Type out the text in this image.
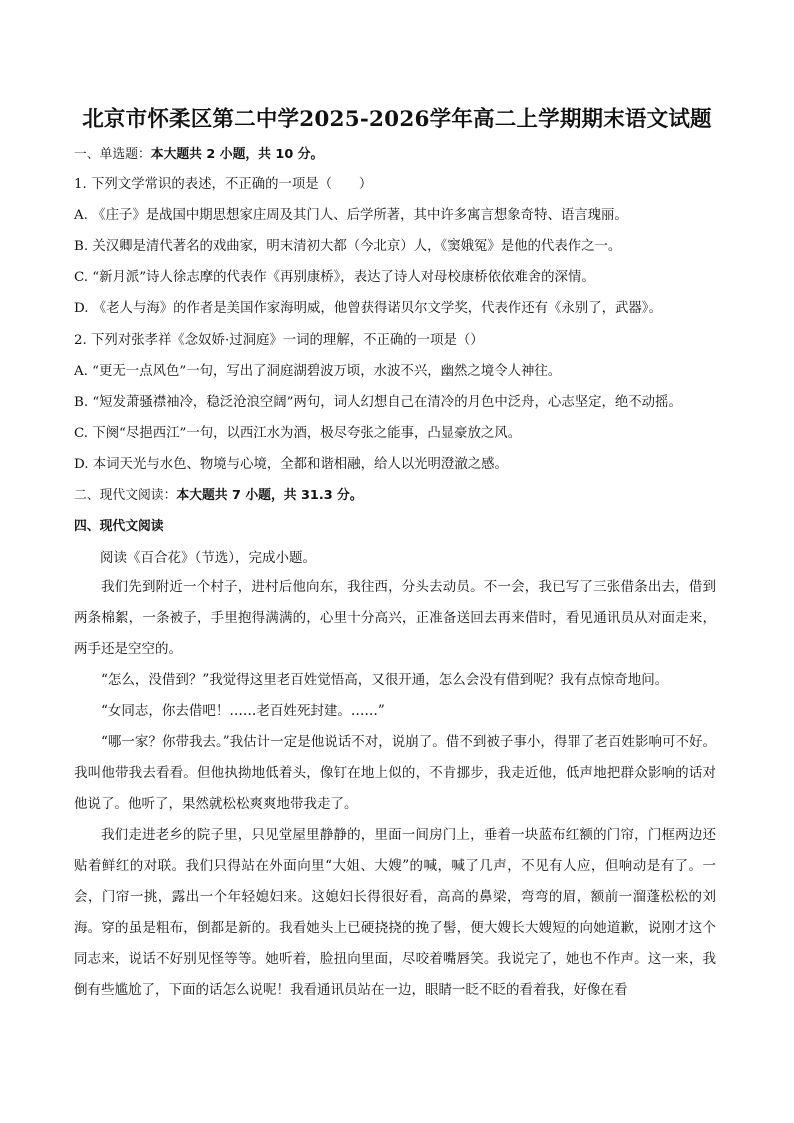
北京市怀柔区第二中学2025-2026学年高二上学期期末语文试题
一、单选题：本大题共 2 小题，共 10 分。
1. 下列文学常识的表述，不正确的一项是（　　）
A. 《庄子》是战国中期思想家庄周及其门人、后学所著，其中许多寓言想象奇特、语言瑰丽。
B. 关汉卿是清代著名的戏曲家，明末清初大都（今北京）人，《窦娥冤》是他的代表作之一。
C. “新月派”诗人徐志摩的代表作《再别康桥》，表达了诗人对母校康桥依依难舍的深情。
D. 《老人与海》的作者是美国作家海明威，他曾获得诺贝尔文学奖，代表作还有《永别了，武器》。
2. 下列对张孝祥《念奴娇·过洞庭》一词的理解，不正确的一项是（）
A. “更无一点风色”一句，写出了洞庭湖碧波万顷，水波不兴，幽然之境令人神往。
B. “短发萧骚襟袖冷，稳泛沧浪空阔”两句，词人幻想自己在清冷的月色中泛舟，心志坚定，绝不动摇。
C. 下阕“尽挹西江”一句，以西江水为酒，极尽夸张之能事，凸显豪放之风。
D. 本词天光与水色、物境与心境，全都和谐相融，给人以光明澄澈之感。
二、现代文阅读：本大题共 7 小题，共 31.3 分。
四、现代文阅读
阅读《百合花》（节选），完成小题。
我们先到附近一个村子，进村后他向东，我往西，分头去动员。不一会，我已写了三张借条出去，借到两条棉絮，一条被子，手里抱得满满的，心里十分高兴，正准备送回去再来借时，看见通讯员从对面走来，两手还是空空的。
“怎么，没借到？”我觉得这里老百姓觉悟高，又很开通，怎么会没有借到呢？我有点惊奇地问。
“女同志，你去借吧！……老百姓死封建。……”
“哪一家？你带我去。”我估计一定是他说话不对，说崩了。借不到被子事小，得罪了老百姓影响可不好。我叫他带我去看看。但他执拗地低着头，像钉在地上似的，不肯挪步，我走近他，低声地把群众影响的话对他说了。他听了，果然就松松爽爽地带我走了。
我们走进老乡的院子里，只见堂屋里静静的，里面一间房门上，垂着一块蓝布红额的门帘，门框两边还贴着鲜红的对联。我们只得站在外面向里“大姐、大嫂”的喊，喊了几声，不见有人应，但响动是有了。一会，门帘一挑，露出一个年轻媳妇来。这媳妇长得很好看，高高的鼻梁，弯弯的眉，额前一溜蓬松松的刘海。穿的虽是粗布，倒都是新的。我看她头上已硬挠挠的挽了髻，便大嫂长大嫂短的向她道歉，说刚才这个同志来，说话不好别见怪等等。她听着，脸扭向里面，尽咬着嘴唇笑。我说完了，她也不作声。这一来，我倒有些尴尬了，下面的话怎么说呢！我看通讯员站在一边，眼睛一眨不眨的看着我，好像在看
